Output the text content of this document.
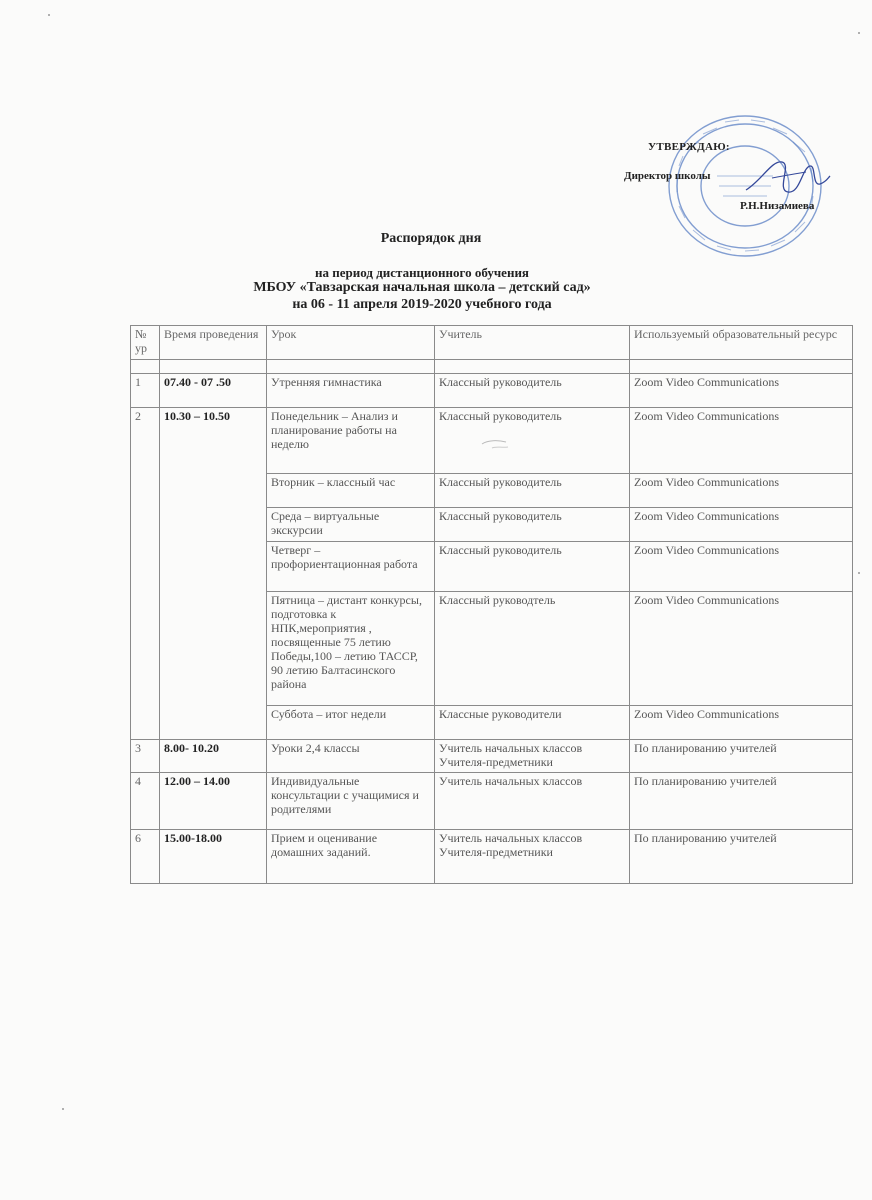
УТВЕРЖДАЮ:
Директор школы
Р.Н.Низамиева
Распорядок дня
на период дистанционного обучения
МБОУ «Тавзарская начальная школа – детский сад»
на 06 - 11 апреля 2019-2020 учебного года
№ ур	Время проведения	Урок	Учитель	Используемый образовательный ресурс

1	07.40 - 07 .50	Утренняя гимнастика	Классный руководитель	Zoom Video Communications
2	10.30 – 10.50	Понедельник – Анализ и планирование работы на неделю	Классный руководитель	Zoom Video Communications
		Вторник – классный час	Классный руководитель	Zoom Video Communications
		Среда – виртуальные экскурсии	Классный руководитель	Zoom Video Communications
		Четверг – профориентационная работа	Классный руководитель	Zoom Video Communications
		Пятница – дистант конкурсы, подготовка к НПК,мероприятия , посвященные 75 летию Победы,100 – летию ТАССР, 90 летию Балтасинского района	Классный руководтель	Zoom Video Communications
		Суббота – итог недели	Классные руководители	Zoom Video Communications
3	8.00- 10.20	Уроки 2,4 классы	Учитель начальных классов Учителя-предметники	По планированию учителей
4	12.00 – 14.00	Индивидуальные консультации с учащимися и родителями	Учитель начальных классов	По планированию учителей
6	15.00-18.00	Прием и оценивание домашних заданий.	Учитель начальных классов Учителя-предметники	По планированию учителей
